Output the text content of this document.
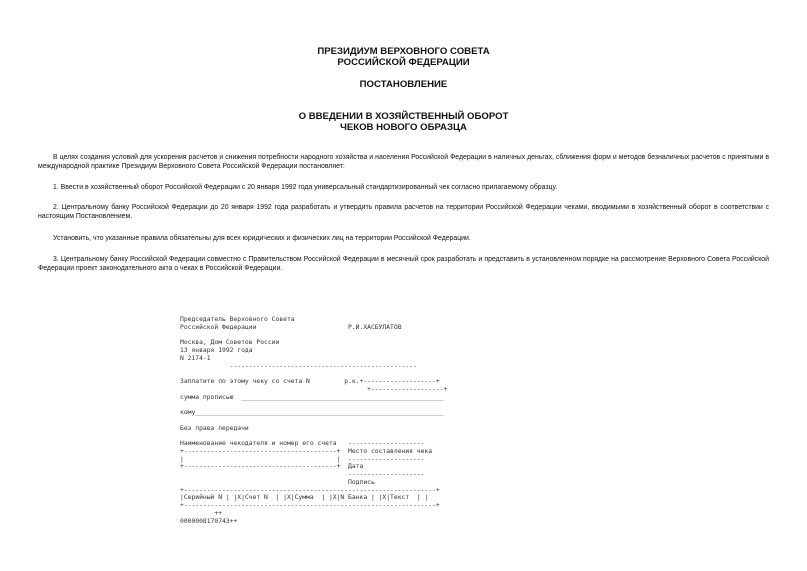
ПРЕЗИДИУМ ВЕРХОВНОГО СОВЕТА
РОССИЙСКОЙ ФЕДЕРАЦИИ
ПОСТАНОВЛЕНИЕ
О ВВЕДЕНИИ В ХОЗЯЙСТВЕННЫЙ ОБОРОТ
ЧЕКОВ НОВОГО ОБРАЗЦА
В целях создания условий для ускорения расчетов и снижения потребности народного хозяйства и населения Российской Федерации в наличных деньгах, сближения форм и методов безналичных расчетов с принятыми в международной практике Президиум Верховного Совета Российской Федерации постановляет:
1. Ввести в хозяйственный оборот Российской Федерации с 20 января 1992 года универсальный стандартизированный чек согласно прилагаемому образцу.
2. Центральному банку Российской Федерации до 20 января 1992 года разработать и утвердить правила расчетов на территории Российской Федерации чеками, вводимыми в хозяйственный оборот в соответствии с настоящим Постановлением.
Установить, что указанные правила обязательны для всех юридических и физических лиц на территории Российской Федерации.
3. Центральному банку Российской Федерации совместно с Правительством Российской Федерации в месячный срок разработать и представить в установленном порядке на рассмотрение Верховного Совета Российской Федерации проект законодательного акта о чеках в Российской Федерации.
Председатель Верховного Совета
Российской Федерации                        Р.И.ХАСБУЛАТОВ

Москва, Дом Советов России
13 января 1992 года
N 2174-1
-------------------------------------------------

Заплатите по этому чеку со счета N         р.к.+-------------------+
+-------------------+
сумма прописью  _____________________________________________________

кому_________________________________________________________________

Без права передачи

Наименование чекодателя и номер его счета   --------------------
+----------------------------------------+  Место составления чека
|                                        |  --------------------
+----------------------------------------+  Дата
--------------------
Подпись
+------------------------------------------------------------------+
|Серийный N | |Х|Счет N  | |Х|Сумма  | |Х|N Банка | |Х|Текст  | |
+------------------------------------------------------------------+
++
0000008170743++
